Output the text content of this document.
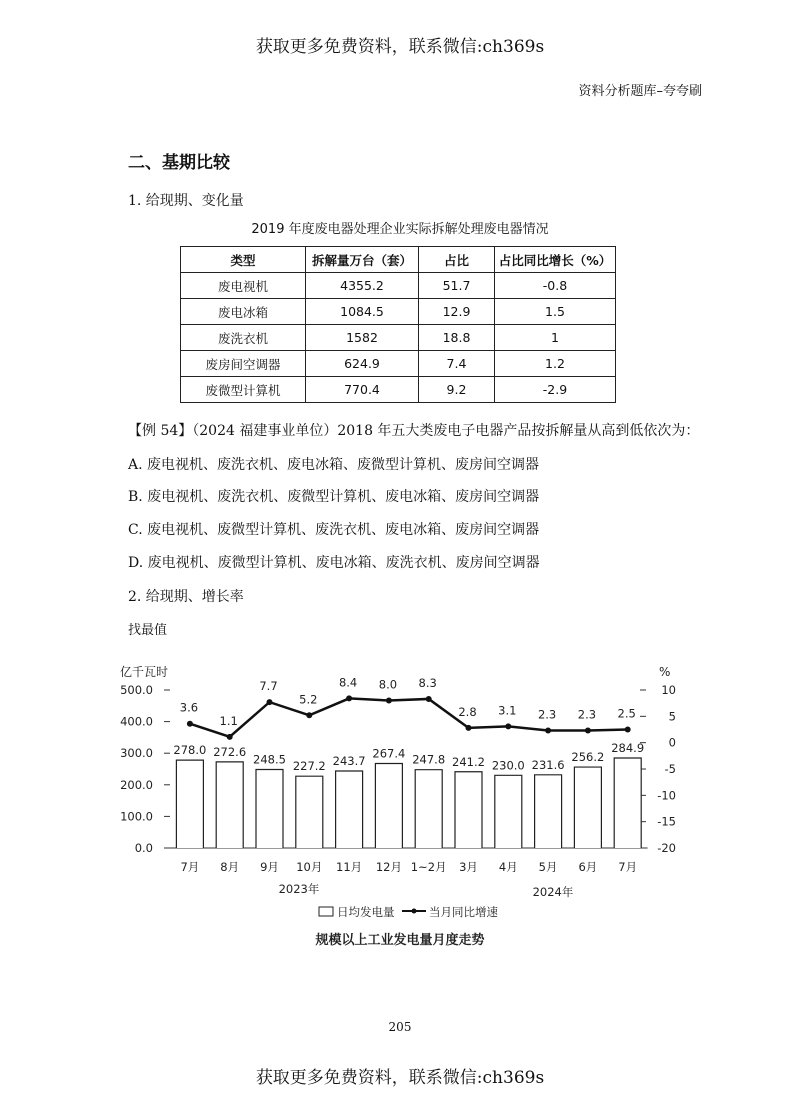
获取更多免费资料，联系微信:ch369s
资料分析题库–夸夸刷
二、基期比较
1. 给现期、变化量
2019 年度废电器处理企业实际拆解处理废电器情况
类型	拆解量万台（套）	占比	占比同比增长（%）
废电视机	4355.2	51.7	-0.8
废电冰箱	1084.5	12.9	1.5
废洗衣机	1582	18.8	1
废房间空调器	624.9	7.4	1.2
废微型计算机	770.4	9.2	-2.9
【例 54】（2024 福建事业单位）2018 年五大类废电子电器产品按拆解量从高到低依次为：
A. 废电视机、废洗衣机、废电冰箱、废微型计算机、废房间空调器
B. 废电视机、废洗衣机、废微型计算机、废电冰箱、废房间空调器
C. 废电视机、废微型计算机、废洗衣机、废电冰箱、废房间空调器
D. 废电视机、废微型计算机、废电冰箱、废洗衣机、废房间空调器
2. 给现期、增长率
找最值
亿千瓦时	%
500.0
400.0
300.0
200.0
100.0
0.0
10
5
0
-5
-10
-15
-20
278.0 272.6
248.5 227.2 243.7
267.4 247.8 241.2 230.0 231.6
256.2
284.9
3.6
1.1
7.7
5.2
8.4 8.0 8.3
2.8 3.1 2.3 2.3 2.5
7月 8月 9月 10月 11月 12月 1~2月 3月 4月 5月 6月 7月
2023年	2024年
日均发电量	当月同比增速
规模以上工业发电量月度走势
205
获取更多免费资料，联系微信:ch369s
